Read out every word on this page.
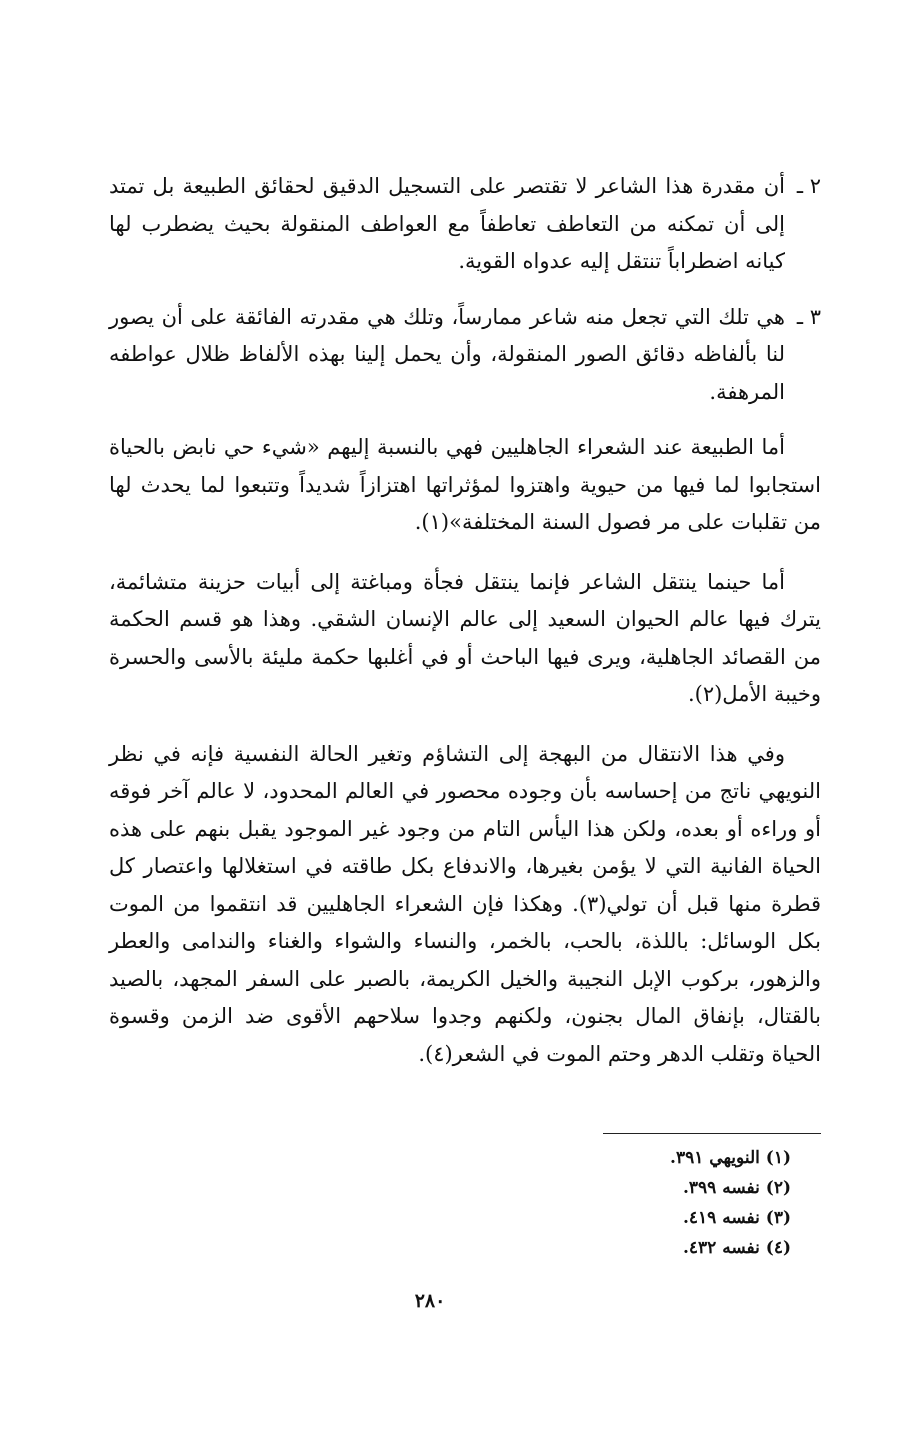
٢ ـ
أن مقدرة هذا الشاعر لا تقتصر على التسجيل الدقيق لحقائق الطبيعة بل تمتد إلى أن تمكنه من التعاطف تعاطفاً مع العواطف المنقولة بحيث يضطرب لها كيانه اضطراباً تنتقل إليه عدواه القوية.
٣ ـ
هي تلك التي تجعل منه شاعر ممارساً، وتلك هي مقدرته الفائقة على أن يصور لنا بألفاظه دقائق الصور المنقولة، وأن يحمل إلينا بهذه الألفاظ ظلال عواطفه المرهفة.

أما الطبيعة عند الشعراء الجاهليين فهي بالنسبة إليهم «شيء حي نابض بالحياة استجابوا لما فيها من حيوية واهتزوا لمؤثراتها اهتزازاً شديداً وتتبعوا لما يحدث لها من تقلبات على مر فصول السنة المختلفة»(١).

أما حينما ينتقل الشاعر فإنما ينتقل فجأة ومباغتة إلى أبيات حزينة متشائمة، يترك فيها عالم الحيوان السعيد إلى عالم الإنسان الشقي. وهذا هو قسم الحكمة من القصائد الجاهلية، ويرى فيها الباحث أو في أغلبها حكمة مليئة بالأسى والحسرة وخيبة الأمل(٢).

وفي هذا الانتقال من البهجة إلى التشاؤم وتغير الحالة النفسية فإنه في نظر النويهي ناتج من إحساسه بأن وجوده محصور في العالم المحدود، لا عالم آخر فوقه أو وراءه أو بعده، ولكن هذا اليأس التام من وجود غير الموجود يقبل بنهم على هذه الحياة الفانية التي لا يؤمن بغيرها، والاندفاع بكل طاقته في استغلالها واعتصار كل قطرة منها قبل أن تولي(٣). وهكذا فإن الشعراء الجاهليين قد انتقموا من الموت بكل الوسائل: باللذة، بالحب، بالخمر، والنساء والشواء والغناء والندامى والعطر والزهور، بركوب الإبل النجيبة والخيل الكريمة، بالصبر على السفر المجهد، بالصيد بالقتال، بإنفاق المال بجنون، ولكنهم وجدوا سلاحهم الأقوى ضد الزمن وقسوة الحياة وتقلب الدهر وحتم الموت في الشعر(٤).

(١) النويهي ٣٩١.
(٢) نفسه ٣٩٩.
(٣) نفسه ٤١٩.
(٤) نفسه ٤٣٢.
٢٨٠
